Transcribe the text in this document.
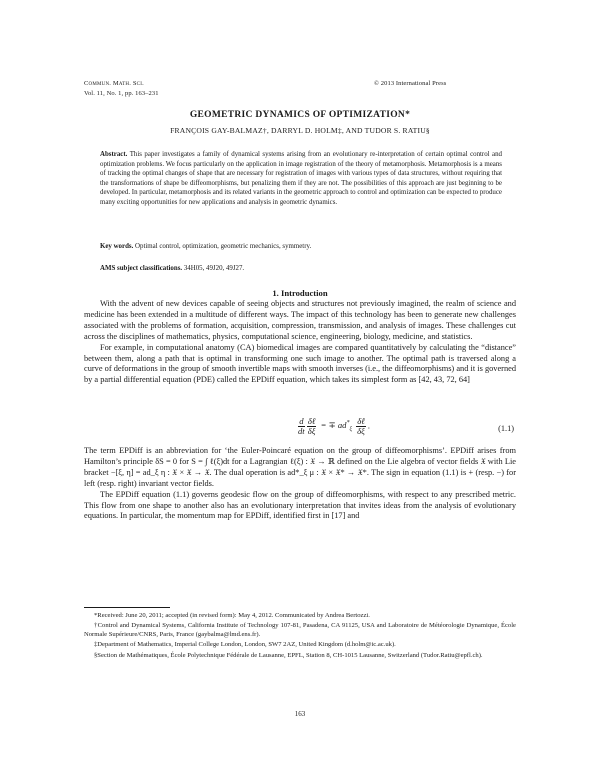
Commun. Math. Sci.
Vol. 11, No. 1, pp. 163–231
© 2013 International Press
GEOMETRIC DYNAMICS OF OPTIMIZATION*
FRANÇOIS GAY-BALMAZ†, DARRYL D. HOLM‡, AND TUDOR S. RATIU§
Abstract. This paper investigates a family of dynamical systems arising from an evolutionary re-interpretation of certain optimal control and optimization problems. We focus particularly on the application in image registration of the theory of metamorphosis. Metamorphosis is a means of tracking the optimal changes of shape that are necessary for registration of images with various types of data structures, without requiring that the transformations of shape be diffeomorphisms, but penalizing them if they are not. The possibilities of this approach are just beginning to be developed. In particular, metamorphosis and its related variants in the geometric approach to control and optimization can be expected to produce many exciting opportunities for new applications and analysis in geometric dynamics.
Key words. Optimal control, optimization, geometric mechanics, symmetry.
AMS subject classifications. 34H05, 49J20, 49J27.
1. Introduction

With the advent of new devices capable of seeing objects and structures not previously imagined, the realm of science and medicine has been extended in a multitude of different ways. The impact of this technology has been to generate new challenges associated with the problems of formation, acquisition, compression, transmission, and analysis of images. These challenges cut across the disciplines of mathematics, physics, computational science, engineering, biology, medicine, and statistics.

For example, in computational anatomy (CA) biomedical images are compared quantitatively by calculating the “distance” between them, along a path that is optimal in transforming one such image to another. The optimal path is traversed along a curve of deformations in the group of smooth invertible maps with smooth inverses (i.e., the diffeomorphisms) and it is governed by a partial differential equation (PDE) called the EPDiff equation, which takes its simplest form as [42, 43, 72, 64]

$\frac{d}{dt}$
$\frac{\text{δℓ}}{\delta\xi}$ = ∓ $ad^*_\xi \frac{\text{δℓ}}{\delta\xi}$ .	(1.1)

The term EPDiff is an abbreviation for ‘the Euler-Poincaré equation on the group of diffeomorphisms’. EPDiff arises from Hamilton’s principle δS = 0 for S = ∫ ℓ(ξ)dt for a Lagrangian ℓ(ξ) : 𝔛 → ℝ defined on the Lie algebra of vector fields 𝔛 with Lie bracket −[ξ, η] = ad_ξ η : 𝔛 × 𝔛 → 𝔛. The dual operation is ad*_ξ μ : 𝔛 × 𝔛* → 𝔛*. The sign in equation (1.1) is + (resp. −) for left (resp. right) invariant vector fields.

The EPDiff equation (1.1) governs geodesic flow on the group of diffeomorphisms, with respect to any prescribed metric. This flow from one shape to another also has an evolutionary interpretation that invites ideas from the analysis of evolutionary equations. In particular, the momentum map for EPDiff, identified first in [17] and

*Received: June 20, 2011; accepted (in revised form): May 4, 2012. Communicated by Andrea Bertozzi.

†Control and Dynamical Systems, California Institute of Technology 107-81, Pasadena, CA 91125, USA and Laboratoire de Météorologie Dynamique, École Normale Supérieure/CNRS, Paris, France (gaybalma@lmd.ens.fr).

‡Department of Mathematics, Imperial College London, London, SW7 2AZ, United Kingdom (d.holm@ic.ac.uk).

§Section de Mathématiques, École Polytechnique Fédérale de Lausanne, EPFL, Station 8, CH-1015 Lausanne, Switzerland (Tudor.Ratiu@epfl.ch).

163
